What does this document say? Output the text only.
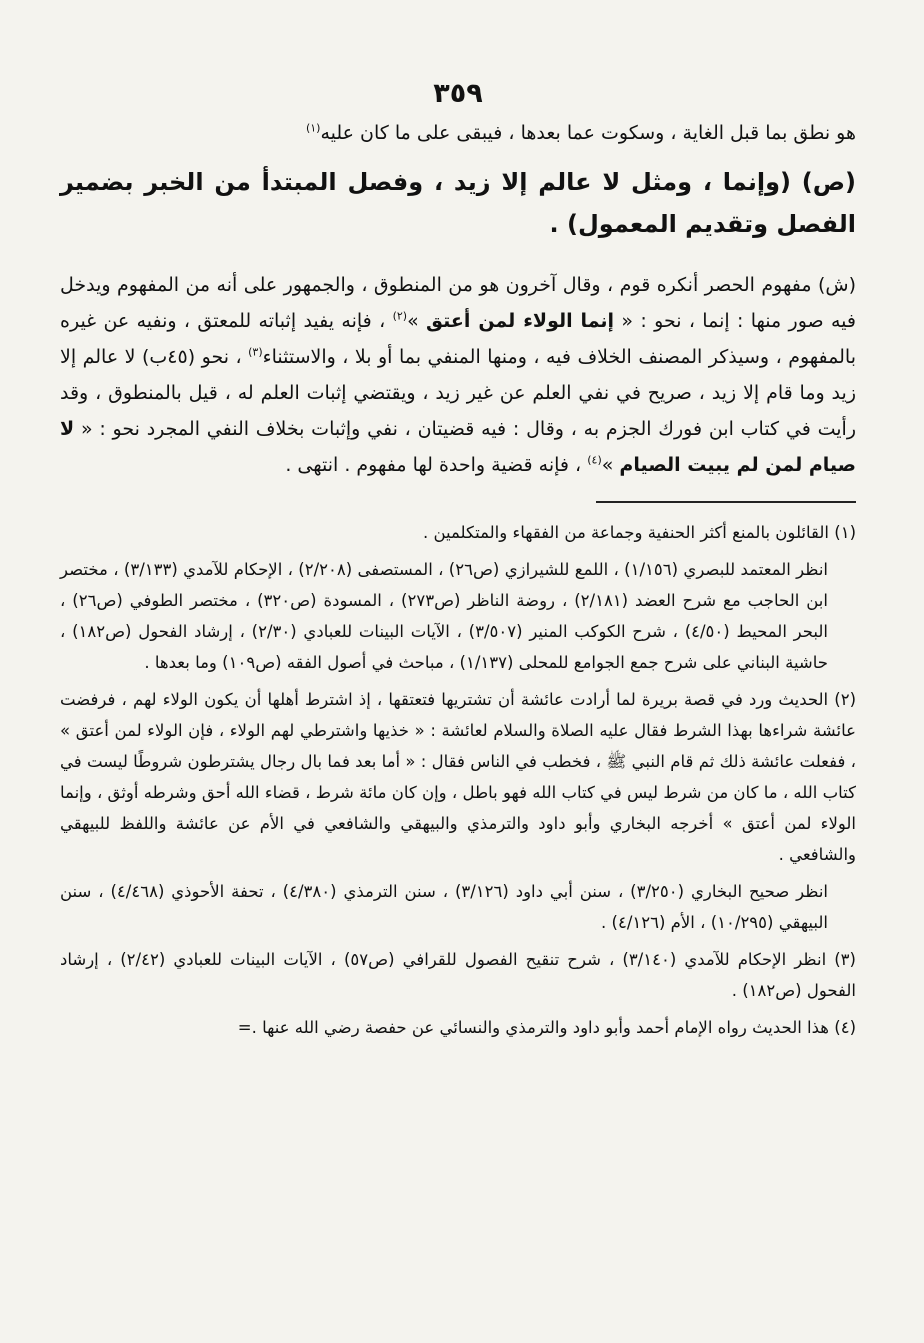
٣٥٩

هو نطق بما قبل الغاية ، وسكوت عما بعدها ، فيبقى على ما كان عليه$^{(١)}$

(ص) (وإنما ، ومثل لا عالم إلا زيد ، وفصل المبتدأ من الخبر بضمير الفصل وتقديم المعمول) .

(ش) مفهوم الحصر أنكره قوم ، وقال آخرون هو من المنطوق ، والجمهور على أنه من المفهوم ويدخل فيه صور منها : إنما ، نحو : « إنما الولاء لمن أعتق »$^{(٢)}$ ، فإنه يفيد إثباته للمعتق ، ونفيه عن غيره بالمفهوم ، وسيذكر المصنف الخلاف فيه ، ومنها المنفي بما أو بلا ، والاستثناء$^{(٣)}$ ، نحو (٤٥ب) لا عالم إلا زيد وما قام إلا زيد ، صريح في نفي العلم عن غير زيد ، ويقتضي إثبات العلم له ، قيل بالمنطوق ، وقد رأيت في كتاب ابن فورك الجزم به ، وقال : فيه قضيتان ، نفي وإثبات بخلاف النفي المجرد نحو : « لا صيام لمن لم يبيت الصيام »$^{(٤)}$ ، فإنه قضية واحدة لها مفهوم . انتهى .

(١) القائلون بالمنع أكثر الحنفية وجماعة من الفقهاء والمتكلمين .

انظر المعتمد للبصري (١/١٥٦) ، اللمع للشيرازي (ص٢٦) ، المستصفى (٢/٢٠٨) ، الإحكام للآمدي (٣/١٣٣) ، مختصر ابن الحاجب مع شرح العضد (٢/١٨١) ، روضة الناظر (ص٢٧٣) ، المسودة (ص٣٢٠) ، مختصر الطوفي (ص٢٦) ، البحر المحيط (٤/٥٠) ، شرح الكوكب المنير (٣/٥٠٧) ، الآيات البينات للعبادي (٢/٣٠) ، إرشاد الفحول (ص١٨٢) ، حاشية البناني على شرح جمع الجوامع للمحلى (١/١٣٧) ، مباحث في أصول الفقه (ص١٠٩) وما بعدها .

(٢) الحديث ورد في قصة بريرة لما أرادت عائشة أن تشتريها فتعتقها ، إذ اشترط أهلها أن يكون الولاء لهم ، فرفضت عائشة شراءها بهذا الشرط فقال عليه الصلاة والسلام لعائشة : « خذيها واشترطي لهم الولاء ، فإن الولاء لمن أعتق » ، ففعلت عائشة ذلك ثم قام النبي ﷺ ، فخطب في الناس فقال : « أما بعد فما بال رجال يشترطون شروطًا ليست في كتاب الله ، ما كان من شرط ليس في كتاب الله فهو باطل ، وإن كان مائة شرط ، قضاء الله أحق وشرطه أوثق ، وإنما الولاء لمن أعتق » أخرجه البخاري وأبو داود والترمذي والبيهقي والشافعي في الأم عن عائشة واللفظ للبيهقي والشافعي .

انظر صحيح البخاري (٣/٢٥٠) ، سنن أبي داود (٣/١٢٦) ، سنن الترمذي (٤/٣٨٠) ، تحفة الأحوذي (٤/٤٦٨) ، سنن البيهقي (١٠/٢٩٥) ، الأم (٤/١٢٦) .

(٣) انظر الإحكام للآمدي (٣/١٤٠) ، شرح تنقيح الفصول للقرافي (ص٥٧) ، الآيات البينات للعبادي (٢/٤٢) ، إرشاد الفحول (ص١٨٢) .

(٤) هذا الحديث رواه الإمام أحمد وأبو داود والترمذي والنسائي عن حفصة رضي الله عنها .=
